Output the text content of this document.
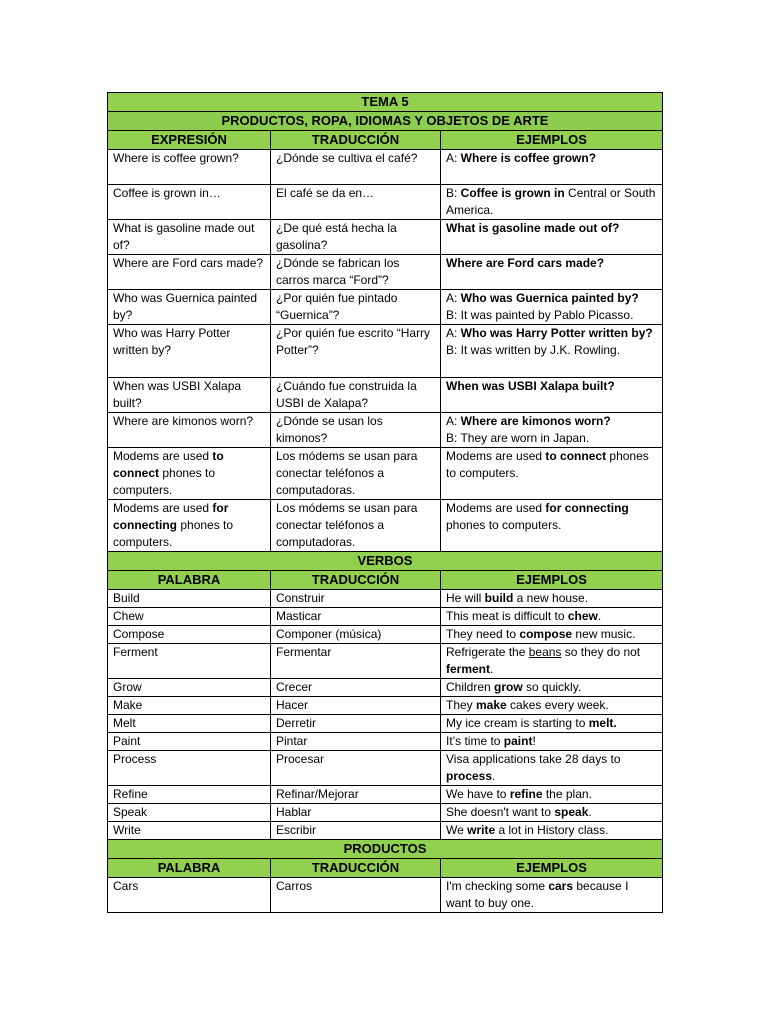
TEMA 5		
PRODUCTOS, ROPA, IDIOMAS Y OBJETOS DE ARTE		
EXPRESIÓN	TRADUCCIÓN	EJEMPLOS
Where is coffee grown?	¿Dónde se cultiva el café?	A: Where is coffee grown?
Coffee is grown in…	El café se da en…	B: Coffee is grown in Central or South America.
What is gasoline made out of?	¿De qué está hecha la gasolina?	What is gasoline made out of?
Where are Ford cars made?	¿Dónde se fabrican los carros marca “Ford”?	Where are Ford cars made?
Who was Guernica painted by?	¿Por quién fue pintado “Guernica”?	A: Who was Guernica painted by?
B: It was painted by Pablo Picasso.
Who was Harry Potter written by?	¿Por quién fue escrito “Harry Potter”?	A: Who was Harry Potter written by?
B: It was written by J.K. Rowling.
When was USBI Xalapa built?	¿Cuándo fue construida la USBI de Xalapa?	When was USBI Xalapa built?
Where are kimonos worn?	¿Dónde se usan los kimonos?	A: Where are kimonos worn?
B: They are worn in Japan.
Modems are used to connect phones to computers.	Los módems se usan para conectar teléfonos a computadoras.	Modems are used to connect phones to computers.
Modems are used for connecting phones to computers.	Los módems se usan para conectar teléfonos a computadoras.	Modems are used for connecting phones to computers.
VERBOS		
PALABRA	TRADUCCIÓN	EJEMPLOS
Build	Construir	He will build a new house.
Chew	Masticar	This meat is difficult to chew.
Compose	Componer (música)	They need to compose new music.
Ferment	Fermentar	Refrigerate the beans so they do not ferment.
Grow	Crecer	Children grow so quickly.
Make	Hacer	They make cakes every week.
Melt	Derretir	My ice cream is starting to melt.
Paint	Pintar	It’s time to paint!
Process	Procesar	Visa applications take 28 days to process.
Refine	Refinar/Mejorar	We have to refine the plan.
Speak	Hablar	She doesn't want to speak.
Write	Escribir	We write a lot in History class.
PRODUCTOS		
PALABRA	TRADUCCIÓN	EJEMPLOS
Cars	Carros	I'm checking some cars because I want to buy one.
